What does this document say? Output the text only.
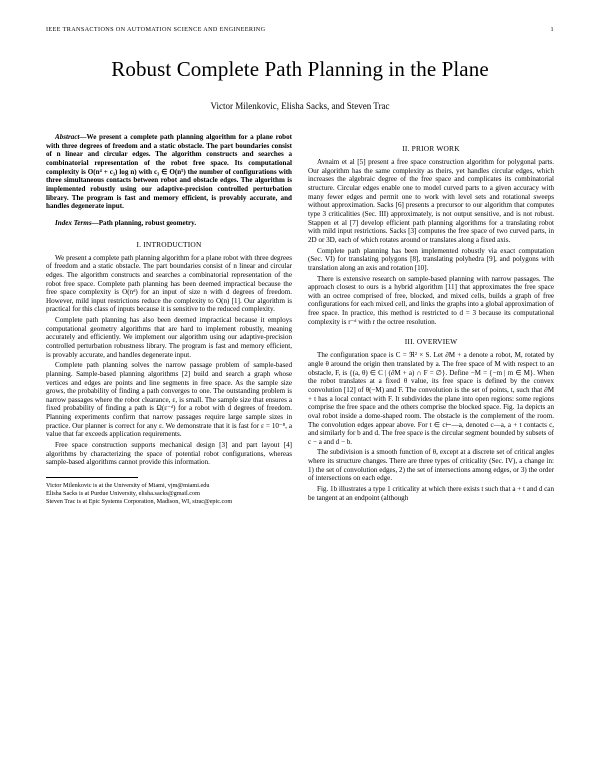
IEEE TRANSACTIONS ON AUTOMATION SCIENCE AND ENGINEERING	1
Robust Complete Path Planning in the Plane
Victor Milenkovic, Elisha Sacks, and Steven Trac
Abstract—We present a complete path planning algorithm for a plane robot with three degrees of freedom and a static obstacle. The part boundaries consist of n linear and circular edges. The algorithm constructs and searches a combinatorial representation of the robot free space. Its computational complexity is O(n⁴ + c₃) log n) with c₃ ∈ O(n⁵) the number of configurations with three simultaneous contacts between robot and obstacle edges. The algorithm is implemented robustly using our adaptive-precision controlled perturbation library. The program is fast and memory efficient, is provably accurate, and handles degenerate input.
Index Terms—Path planning, robust geometry.
I. INTRODUCTION

We present a complete path planning algorithm for a plane robot with three degrees of freedom and a static obstacle. The part boundaries consist of n linear and circular edges. The algorithm constructs and searches a combinatorial representation of the robot free space. Complete path planning has been deemed impractical because the free space complexity is O(nᵈ) for an input of size n with d degrees of freedom. However, mild input restrictions reduce the complexity to O(n) [1]. Our algorithm is practical for this class of inputs because it is sensitive to the reduced complexity.

Complete path planning has also been deemed impractical because it employs computational geometry algorithms that are hard to implement robustly, meaning accurately and efficiently. We implement our algorithm using our adaptive-precision controlled perturbation robustness library. The program is fast and memory efficient, is provably accurate, and handles degenerate input.

Complete path planning solves the narrow passage problem of sample-based planning. Sample-based planning algorithms [2] build and search a graph whose vertices and edges are points and line segments in free space. As the sample size grows, the probability of finding a path converges to one. The outstanding problem is narrow passages where the robot clearance, ε, is small. The sample size that ensures a fixed probability of finding a path is Ω(ε⁻ᵈ) for a robot with d degrees of freedom. Planning experiments confirm that narrow passages require large sample sizes in practice. Our planner is correct for any ε. We demonstrate that it is fast for ε = 10⁻⁸, a value that far exceeds application requirements.

Free space construction supports mechanical design [3] and part layout [4] algorithms by characterizing the space of potential robot configurations, whereas sample-based algorithms cannot provide this information.

Victor Milenkovic is at the University of Miami, vjm@miami.edu
Elisha Sacks is at Purdue University, elisha.sacks@gmail.com
Steven Trac is at Epic Systems Corporation, Madison, WI, strac@epic.com
II. PRIOR WORK

Avnaim et al [5] present a free space construction algorithm for polygonal parts. Our algorithm has the same complexity as theirs, yet handles circular edges, which increases the algebraic degree of the free space and complicates its combinatorial structure. Circular edges enable one to model curved parts to a given accuracy with many fewer edges and permit one to work with level sets and rotational sweeps without approximation. Sacks [6] presents a precursor to our algorithm that computes type 3 criticalities (Sec. III) approximately, is not output sensitive, and is not robust. Stappen et al [7] develop efficient path planning algorithms for a translating robot with mild input restrictions. Sacks [3] computes the free space of two curved parts, in 2D or 3D, each of which rotates around or translates along a fixed axis.

Complete path planning has been implemented robustly via exact computation (Sec. VI) for translating polygons [8], translating polyhedra [9], and polygons with translation along an axis and rotation [10].

There is extensive research on sample-based planning with narrow passages. The approach closest to ours is a hybrid algorithm [11] that approximates the free space with an octree comprised of free, blocked, and mixed cells, builds a graph of free configurations for each mixed cell, and links the graphs into a global approximation of free space. In practice, this method is restricted to d = 3 because its computational complexity is r⁻ᵈ with r the octree resolution.

III. OVERVIEW

The configuration space is C = ℜ² × S. Let ∂M + a denote a robot, M, rotated by angle θ around the origin then translated by a. The free space of M with respect to an obstacle, F, is {(a, θ) ∈ C | (∂M + a) ∩ F = ∅}. Define −M = {−m | m ∈ M}. When the robot translates at a fixed θ value, its free space is defined by the convex convolution [12] of θ(−M) and F. The convolution is the set of points, t, such that ∂M + t has a local contact with F. It subdivides the plane into open regions: some regions comprise the free space and the others comprise the blocked space. Fig. 1a depicts an oval robot inside a dome-shaped room. The obstacle is the complement of the room. The convolution edges appear above. For t ∈ c⊢—a, denoted c—a, a + t contacts c, and similarly for b and d. The free space is the circular segment bounded by subsets of c − a and d − b.

The subdivision is a smooth function of θ, except at a discrete set of critical angles where its structure changes. There are three types of criticality (Sec. IV), a change in: 1) the set of convolution edges, 2) the set of intersections among edges, or 3) the order of intersections on each edge.

Fig. 1b illustrates a type 1 criticality at which there exists t such that a + t and d can be tangent at an endpoint (although
